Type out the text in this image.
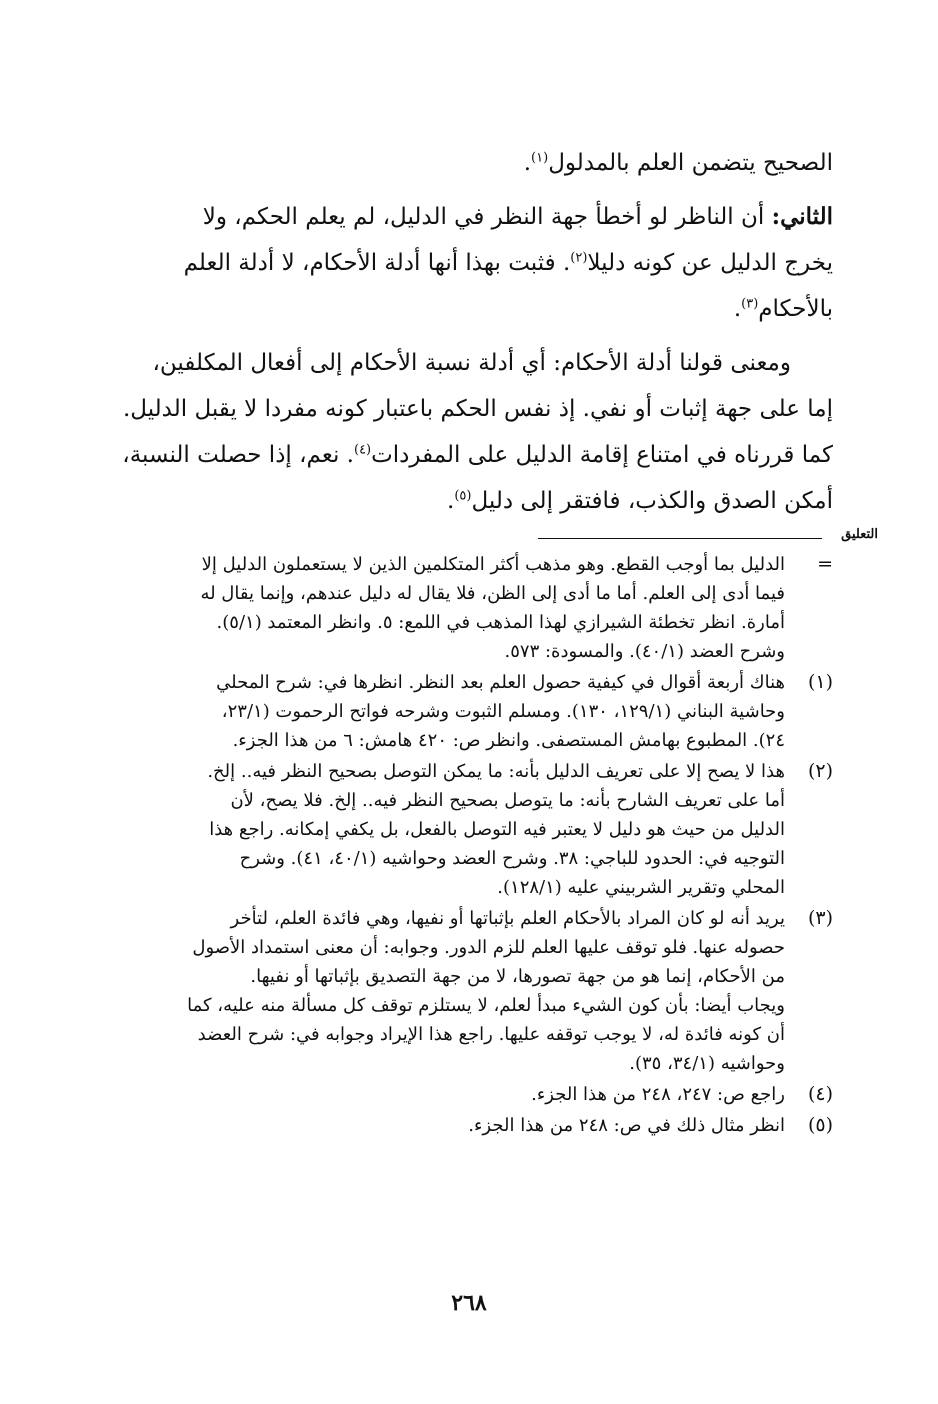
الصحيح يتضمن العلم بالمدلول$^{(١)}$.
الثاني: أن الناظر لو أخطأ جهة النظر في الدليل، لم يعلم الحكم، ولا
يخرج الدليل عن كونه دليلا$^{(٢)}$. فثبت بهذا أنها أدلة الأحكام، لا أدلة العلم
بالأحكام$^{(٣)}$.
ومعنى قولنا أدلة الأحكام: أي أدلة نسبة الأحكام إلى أفعال المكلفين،
إما على جهة إثبات أو نفي. إذ نفس الحكم باعتبار كونه مفردا لا يقبل الدليل.
كما قررناه في امتناع إقامة الدليل على المفردات$^{(٤)}$. نعم، إذا حصلت النسبة،
أمكن الصدق والكذب، فافتقر إلى دليل$^{(٥)}$.
التعليق
=
الدليل بما أوجب القطع. وهو مذهب أكثر المتكلمين الذين لا يستعملون الدليل إلا
فيما أدى إلى العلم. أما ما أدى إلى الظن، فلا يقال له دليل عندهم، وإنما يقال له
أمارة. انظر تخطئة الشيرازي لهذا المذهب في اللمع: ٥. وانظر المعتمد (٥/١).
وشرح العضد (٤٠/١). والمسودة: ٥٧٣.
(١)
هناك أربعة أقوال في كيفية حصول العلم بعد النظر. انظرها في: شرح المحلي
وحاشية البناني (١٢٩/١، ١٣٠). ومسلم الثبوت وشرحه فواتح الرحموت (٢٣/١،
٢٤). المطبوع بهامش المستصفى. وانظر ص: ٤٢٠ هامش: ٦ من هذا الجزء.
(٢)
هذا لا يصح إلا على تعريف الدليل بأنه: ما يمكن التوصل بصحيح النظر فيه.. إلخ.
أما على تعريف الشارح بأنه: ما يتوصل بصحيح النظر فيه.. إلخ. فلا يصح، لأن
الدليل من حيث هو دليل لا يعتبر فيه التوصل بالفعل، بل يكفي إمكانه. راجع هذا
التوجيه في: الحدود للباجي: ٣٨. وشرح العضد وحواشيه (٤٠/١، ٤١). وشرح
المحلي وتقرير الشربيني عليه (١٢٨/١).
(٣)
يريد أنه لو كان المراد بالأحكام العلم بإثباتها أو نفيها، وهي فائدة العلم، لتأخر
حصوله عنها. فلو توقف عليها العلم للزم الدور. وجوابه: أن معنى استمداد الأصول
من الأحكام، إنما هو من جهة تصورها، لا من جهة التصديق بإثباتها أو نفيها.
ويجاب أيضا: بأن كون الشيء مبدأ لعلم، لا يستلزم توقف كل مسألة منه عليه، كما
أن كونه فائدة له، لا يوجب توقفه عليها. راجع هذا الإيراد وجوابه في: شرح العضد
وحواشيه (٣٤/١، ٣٥).
(٤)
راجع ص: ٢٤٧، ٢٤٨ من هذا الجزء.
(٥)
انظر مثال ذلك في ص: ٢٤٨ من هذا الجزء.
٢٦٨
